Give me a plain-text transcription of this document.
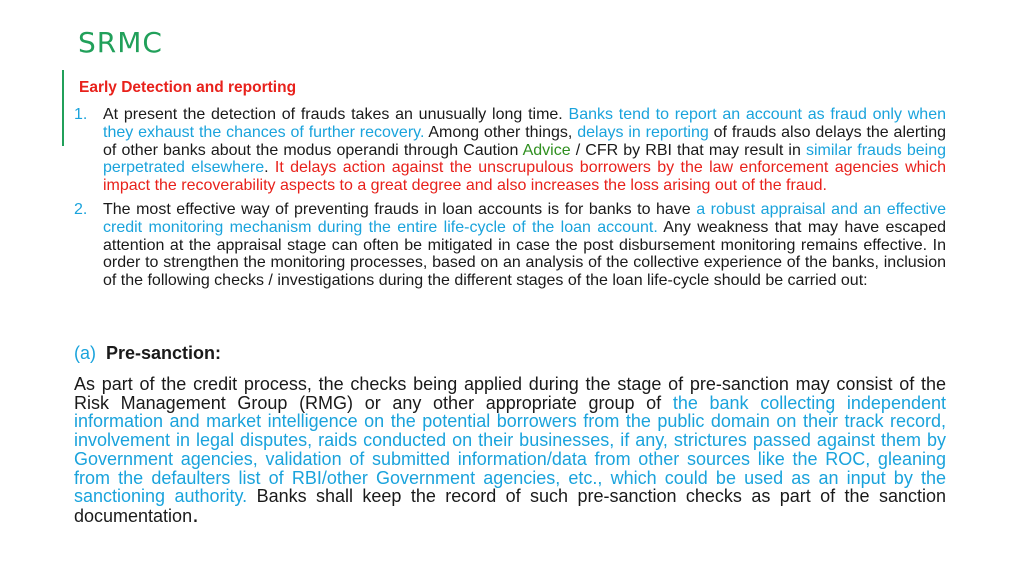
SRMC
Early Detection and reporting
1. At present the detection of frauds takes an unusually long time. Banks tend to report an account as fraud only when they exhaust the chances of further recovery. Among other things, delays in reporting of frauds also delays the alerting of other banks about the modus operandi through Caution Advice / CFR by RBI that may result in similar frauds being perpetrated elsewhere. It delays action against the unscrupulous borrowers by the law enforcement agencies which impact the recoverability aspects to a great degree and also increases the loss arising out of the fraud.
2. The most effective way of preventing frauds in loan accounts is for banks to have a robust appraisal and an effective credit monitoring mechanism during the entire life-cycle of the loan account. Any weakness that may have escaped attention at the appraisal stage can often be mitigated in case the post disbursement monitoring remains effective. In order to strengthen the monitoring processes, based on an analysis of the collective experience of the banks, inclusion of the following checks / investigations during the different stages of the loan life-cycle should be carried out:
(a) Pre-sanction:

As part of the credit process, the checks being applied during the stage of pre-sanction may consist of the Risk Management Group (RMG) or any other appropriate group of the bank collecting independent information and market intelligence on the potential borrowers from the public domain on their track record, involvement in legal disputes, raids conducted on their businesses, if any, strictures passed against them by Government agencies, validation of submitted information/data from other sources like the ROC, gleaning from the defaulters list of RBI/other Government agencies, etc., which could be used as an input by the sanctioning authority. Banks shall keep the record of such pre-sanction checks as part of the sanction documentation.
